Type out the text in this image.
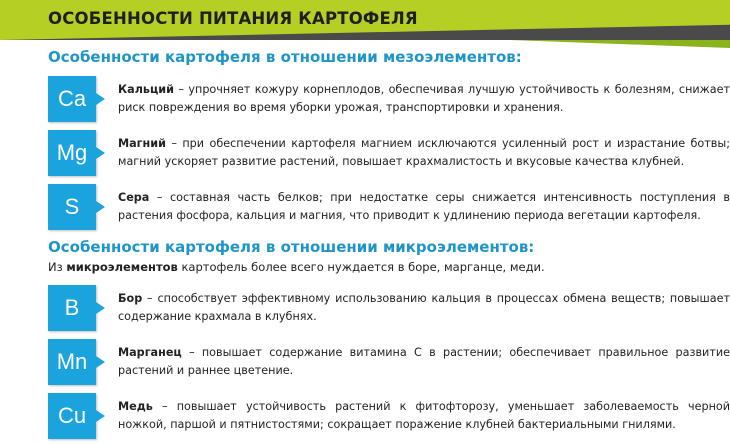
ОСОБЕННОСТИ ПИТАНИЯ КАРТОФЕЛЯ
Особенности картофеля в отношении мезоэлементов:
Ca	Кальций – упрочняет кожуру корнеплодов, обеспечивая лучшую устойчивость к болезням, снижает риск повреждения во время уборки урожая, транспортировки и хранения.
Mg	Магний – при обеспечении картофеля магнием исключаются усиленный рост и израстание ботвы; магний ускоряет развитие растений, повышает крахмалистость и вкусовые качества клубней.
S	Сера – составная часть белков; при недостатке серы снижается интенсивность поступления в растения фосфора, кальция и магния, что приводит к удлинению периода вегетации картофеля.
Особенности картофеля в отношении микроэлементов:
Из микроэлементов картофель более всего нуждается в боре, марганце, меди.
B	Бор – способствует эффективному использованию кальция в процессах обмена веществ; повышает содержание крахмала в клубнях.
Mn	Марганец – повышает содержание витамина С в растении; обеспечивает правильное развитие растений и раннее цветение.
Cu	Медь – повышает устойчивость растений к фитофторозу, уменьшает заболеваемость черной ножкой, паршой и пятнистостями; сокращает поражение клубней бактериальными гнилями.
